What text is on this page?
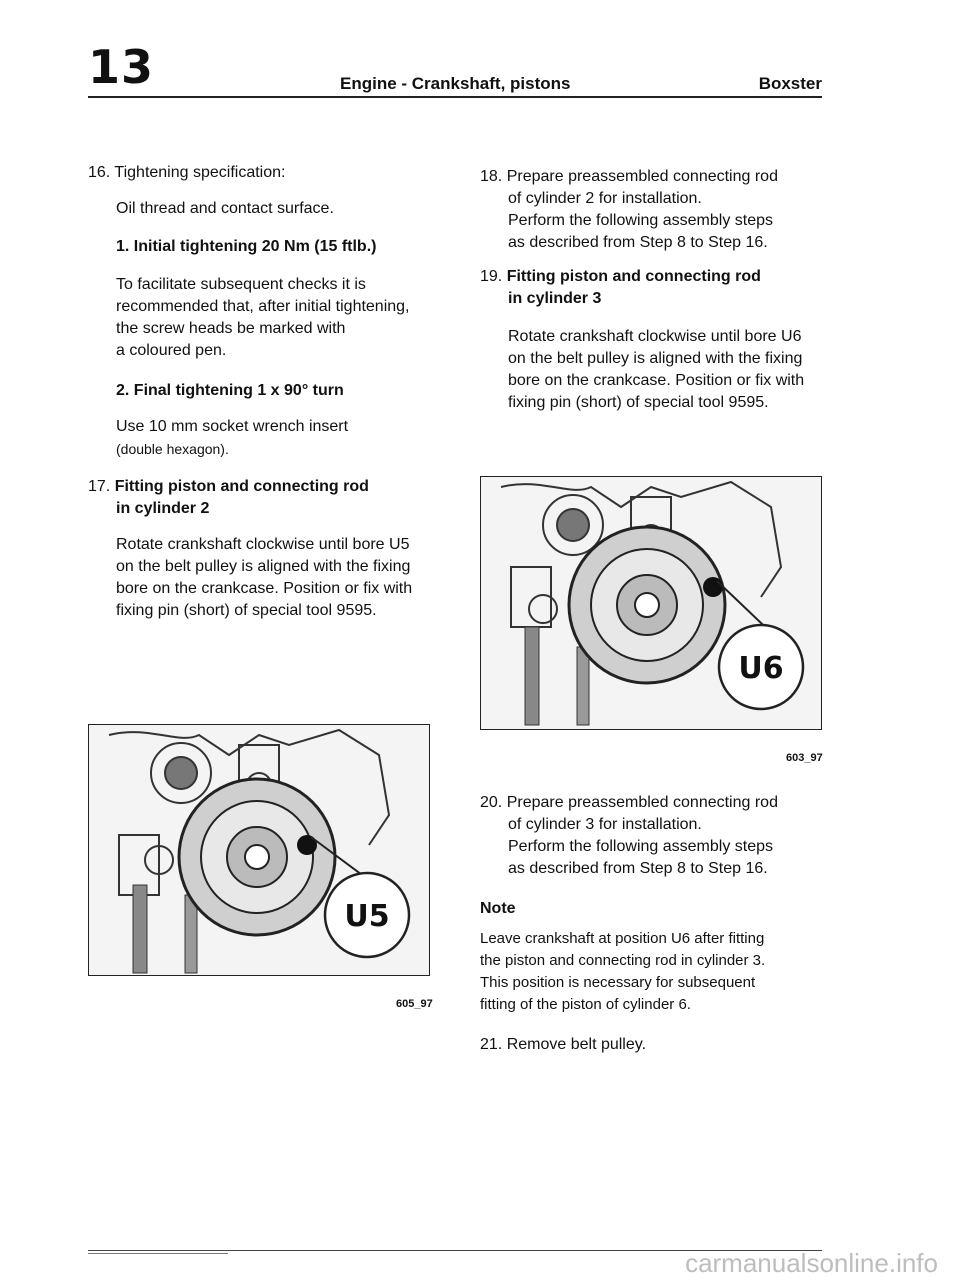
13	Engine - Crankshaft, pistons	Boxster

16. Tightening specification:

Oil thread and contact surface.

1. Initial tightening 20 Nm (15 ftlb.)

To facilitate subsequent checks it is

recommended that, after initial tightening,

the screw heads be marked with

a coloured pen.

2. Final tightening 1 x 90° turn

Use 10 mm socket wrench insert

(double hexagon).

17. Fitting piston and connecting rod

in cylinder 2

Rotate crankshaft clockwise until bore U5

on the belt pulley is aligned with the fixing

bore on the crankcase. Position or fix with

fixing pin (short) of special tool 9595.

U5
605_97

18. Prepare preassembled connecting rod

of cylinder 2 for installation.

Perform the following assembly steps

as described from Step 8 to Step 16.

19. Fitting piston and connecting rod

in cylinder 3

Rotate crankshaft clockwise until bore U6

on the belt pulley is aligned with the fixing

bore on the crankcase. Position or fix with

fixing pin (short) of special tool 9595.

U6
603_97

20. Prepare preassembled connecting rod

of cylinder 3 for installation.

Perform the following assembly steps

as described from Step 8 to Step 16.

Note

Leave crankshaft at position U6 after fitting

the piston and connecting rod in cylinder 3.

This position is necessary for subsequent

fitting of the piston of cylinder 6.

21. Remove belt pulley.

carmanualsonline.info
